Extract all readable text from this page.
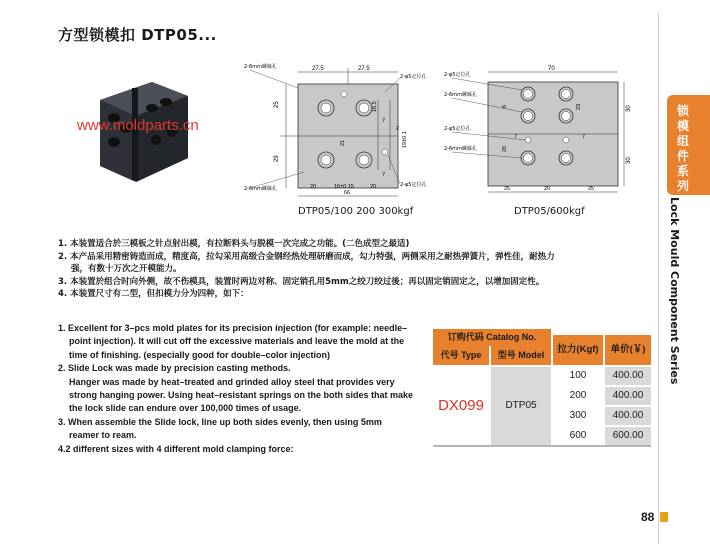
方型锁模扣 DTP05...
锁
模
组
件
系
列
Lock Mould Component Series
www.moldparts.cn
27.5	27.5
25
29
16.5
21	19±0.1
2
7
7
20	16±0.15	20
66
2-6mm螺絲孔
2-φ5定位孔
2-6mm螺絲孔
2-φ5定位孔
DTP05/100 200 300kgf
70
30
30
23
6
20
7
7
25	20	25
2-φ5定位孔
2-6mm螺絲孔
2-φ5定位孔
2-6mm螺絲孔
DTP05/600kgf
1. 本装置适合於三模板之针点射出模，有拉断料头与脱模一次完成之功能。(二色成型之最适)
2. 本产品采用精密铸造而成，精度高，拉勾采用高级合金钢经热处理研磨而成，勾力特强，两侧采用之耐热弹簧片，弹性佳，耐热力
强，有数十万次之开模能力。
3. 本装置於组合时向外侧，故不伤模具，装置时两边对称、固定销孔用5mm之绞刀绞过後；再以固定销固定之，以增加固定性。
4. 本装置尺寸有二型，但扣模力分为四种，如下：
1. Excellent for 3–pcs mold plates for its precision injection (for example: needle–
point injection). It will cut off the excessive materials and leave the mold at the
time of finishing. (especially good for double–color injection)
2. Slide Lock was made by precision casting methods.
Hanger was made by heat–treated and grinded alloy steel that provides very
strong hanging power. Using heat–resistant springs on the both sides that make
the lock slide can endure over 100,000 times of usage.
3. When assemble the Slide lock, line up both sides evenly, then using 5mm
reamer to ream.
4.2 different sizes with 4 different mold clamping force:
订购代码 Catalog No.
代号 Type	型号 Model	拉力(Kgf)	单价(￥)
DX099	DTP05
100	400.00
200	400.00
300	400.00
600	600.00
88
